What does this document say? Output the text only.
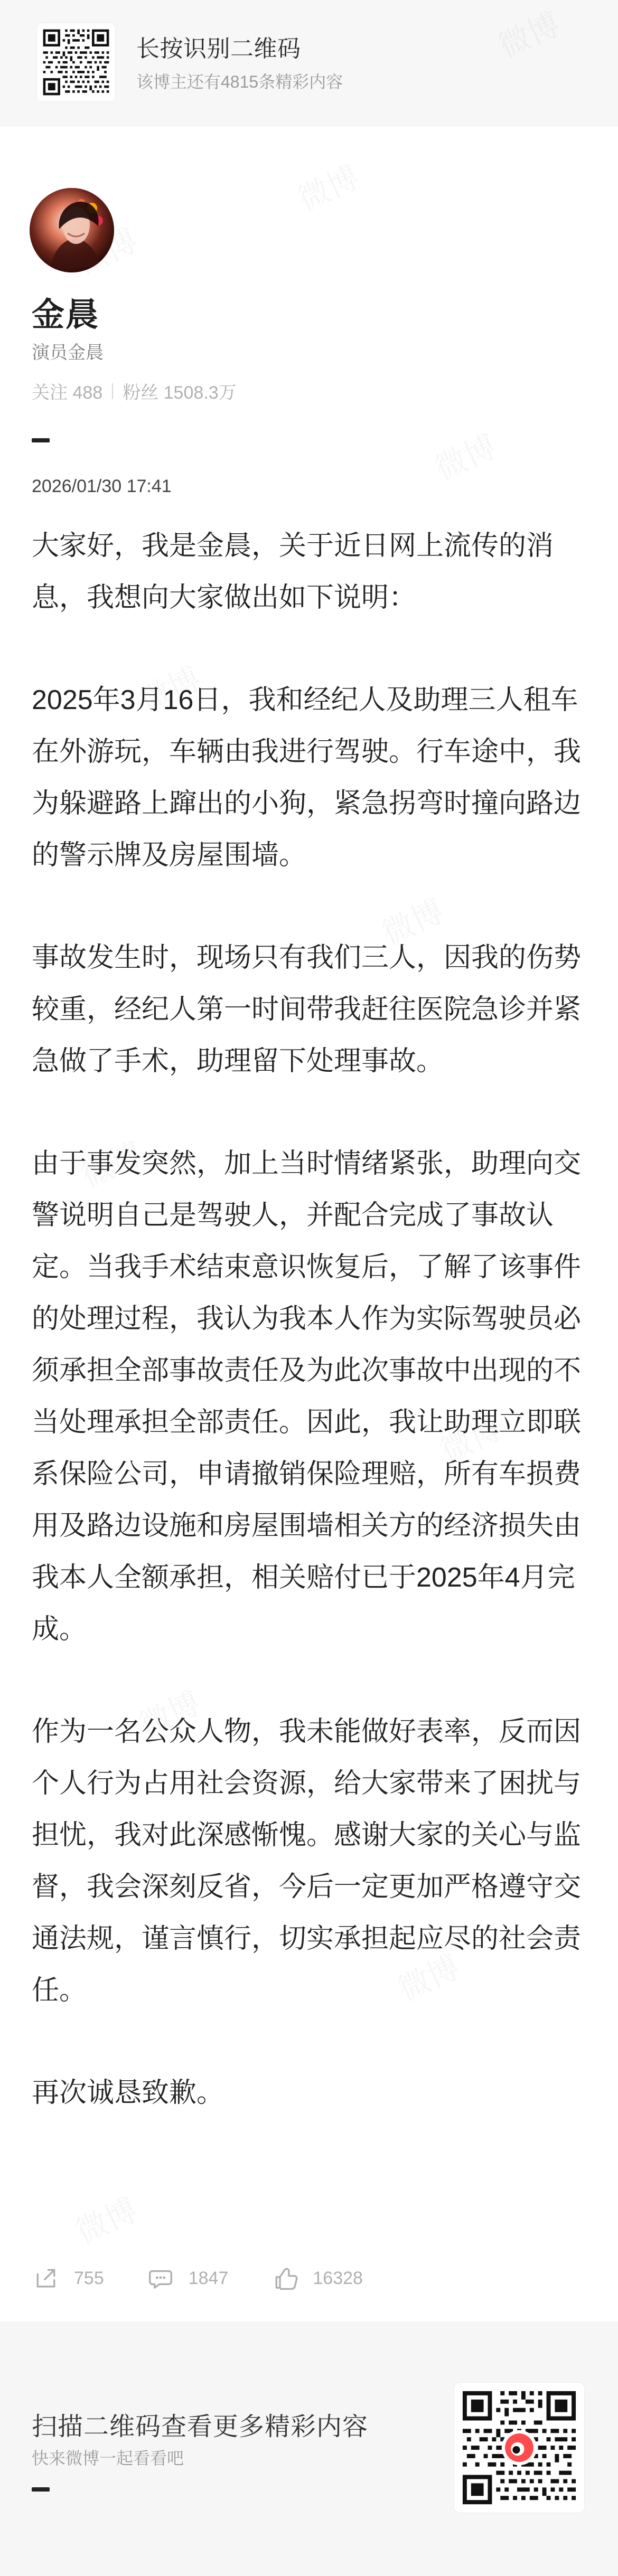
长按识别二维码
该博主还有4815条精彩内容
金晨
演员金晨
关注 488 粉丝 1508.3万
2026/01/30 17:41

大家好，我是金晨，关于近日网上流传的消息，我想向大家做出如下说明：

2025年3月16日，我和经纪人及助理三人租车在外游玩，车辆由我进行驾驶。行车途中，我为躲避路上蹿出的小狗，紧急拐弯时撞向路边的警示牌及房屋围墙。

事故发生时，现场只有我们三人，因我的伤势较重，经纪人第一时间带我赶往医院急诊并紧急做了手术，助理留下处理事故。

由于事发突然，加上当时情绪紧张，助理向交警说明自己是驾驶人，并配合完成了事故认定。当我手术结束意识恢复后，了解了该事件的处理过程，我认为我本人作为实际驾驶员必须承担全部事故责任及为此次事故中出现的不当处理承担全部责任。因此，我让助理立即联系保险公司，申请撤销保险理赔，所有车损费用及路边设施和房屋围墙相关方的经济损失由我本人全额承担，相关赔付已于2025年4月完成。

作为一名公众人物，我未能做好表率，反而因个人行为占用社会资源，给大家带来了困扰与担忧，我对此深感惭愧。感谢大家的关心与监督，我会深刻反省，今后一定更加严格遵守交通法规，谨言慎行，切实承担起应尽的社会责任。

再次诚恳致歉。

755	1847	16328
扫描二维码查看更多精彩内容
快来微博一起看看吧
